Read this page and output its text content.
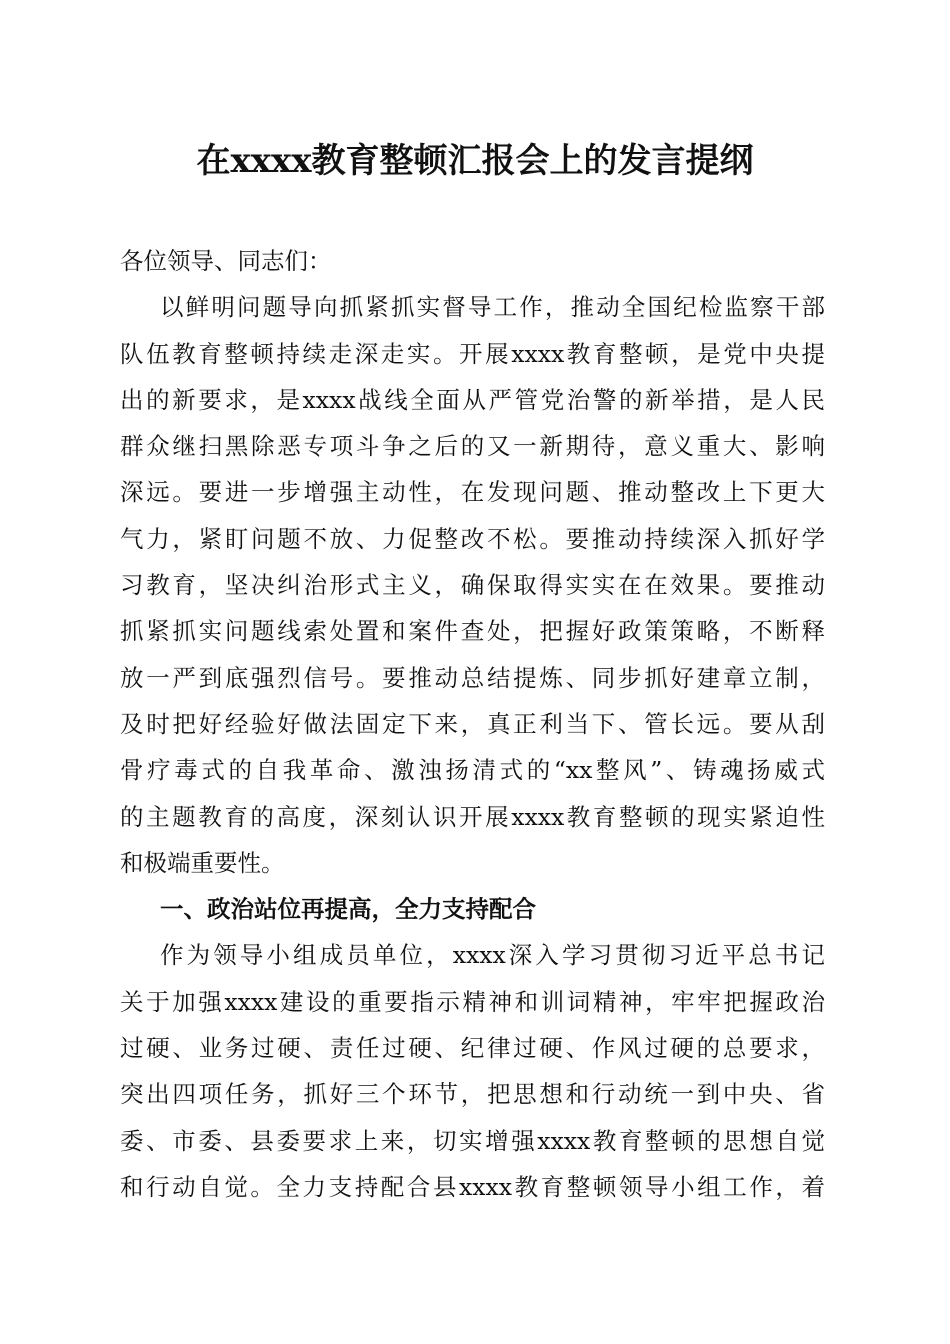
在xxxx教育整顿汇报会上的发言提纲

各位领导、同志们：

以鲜明问题导向抓紧抓实督导工作，推动全国纪检监察干部
队伍教育整顿持续走深走实。开展xxxx教育整顿，是党中央提
出的新要求，是xxxx战线全面从严管党治警的新举措，是人民
群众继扫黑除恶专项斗争之后的又一新期待，意义重大、影响
深远。要进一步增强主动性，在发现问题、推动整改上下更大
气力，紧盯问题不放、力促整改不松。要推动持续深入抓好学
习教育，坚决纠治形式主义，确保取得实实在在效果。要推动
抓紧抓实问题线索处置和案件查处，把握好政策策略，不断释
放一严到底强烈信号。要推动总结提炼、同步抓好建章立制，
及时把好经验好做法固定下来，真正利当下、管长远。要从刮
骨疗毒式的自我革命、激浊扬清式的“xx整风”、铸魂扬威式
的主题教育的高度，深刻认识开展xxxx教育整顿的现实紧迫性
和极端重要性。

一、政治站位再提高，全力支持配合

作为领导小组成员单位，xxxx深入学习贯彻习近平总书记
关于加强xxxx建设的重要指示精神和训词精神，牢牢把握政治
过硬、业务过硬、责任过硬、纪律过硬、作风过硬的总要求，
突出四项任务，抓好三个环节，把思想和行动统一到中央、省
委、市委、县委要求上来，切实增强xxxx教育整顿的思想自觉
和行动自觉。全力支持配合县xxxx教育整顿领导小组工作，着
